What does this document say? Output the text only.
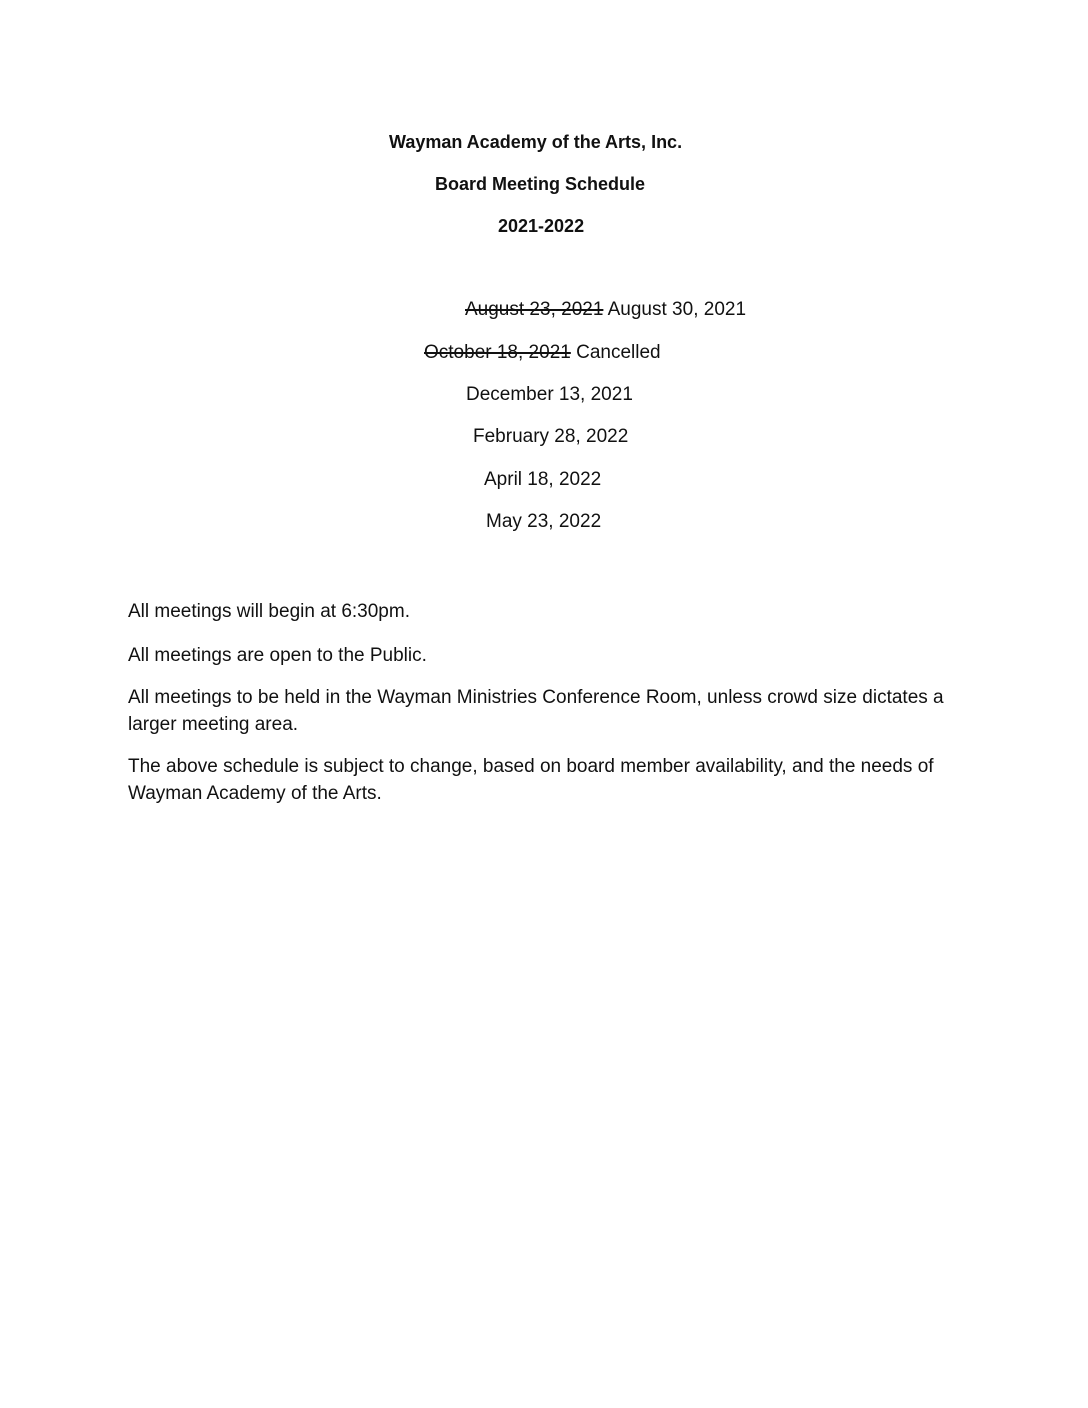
Wayman Academy of the Arts, Inc.
Board Meeting Schedule
2021-2022
August 23, 2021 August 30, 2021
October 18, 2021 Cancelled
December 13, 2021
February 28, 2022
April 18, 2022
May 23, 2022
All meetings will begin at 6:30pm.
All meetings are open to the Public.
All meetings to be held in the Wayman Ministries Conference Room, unless crowd size dictates a larger meeting area.
The above schedule is subject to change, based on board member availability, and the needs of Wayman Academy of the Arts.
